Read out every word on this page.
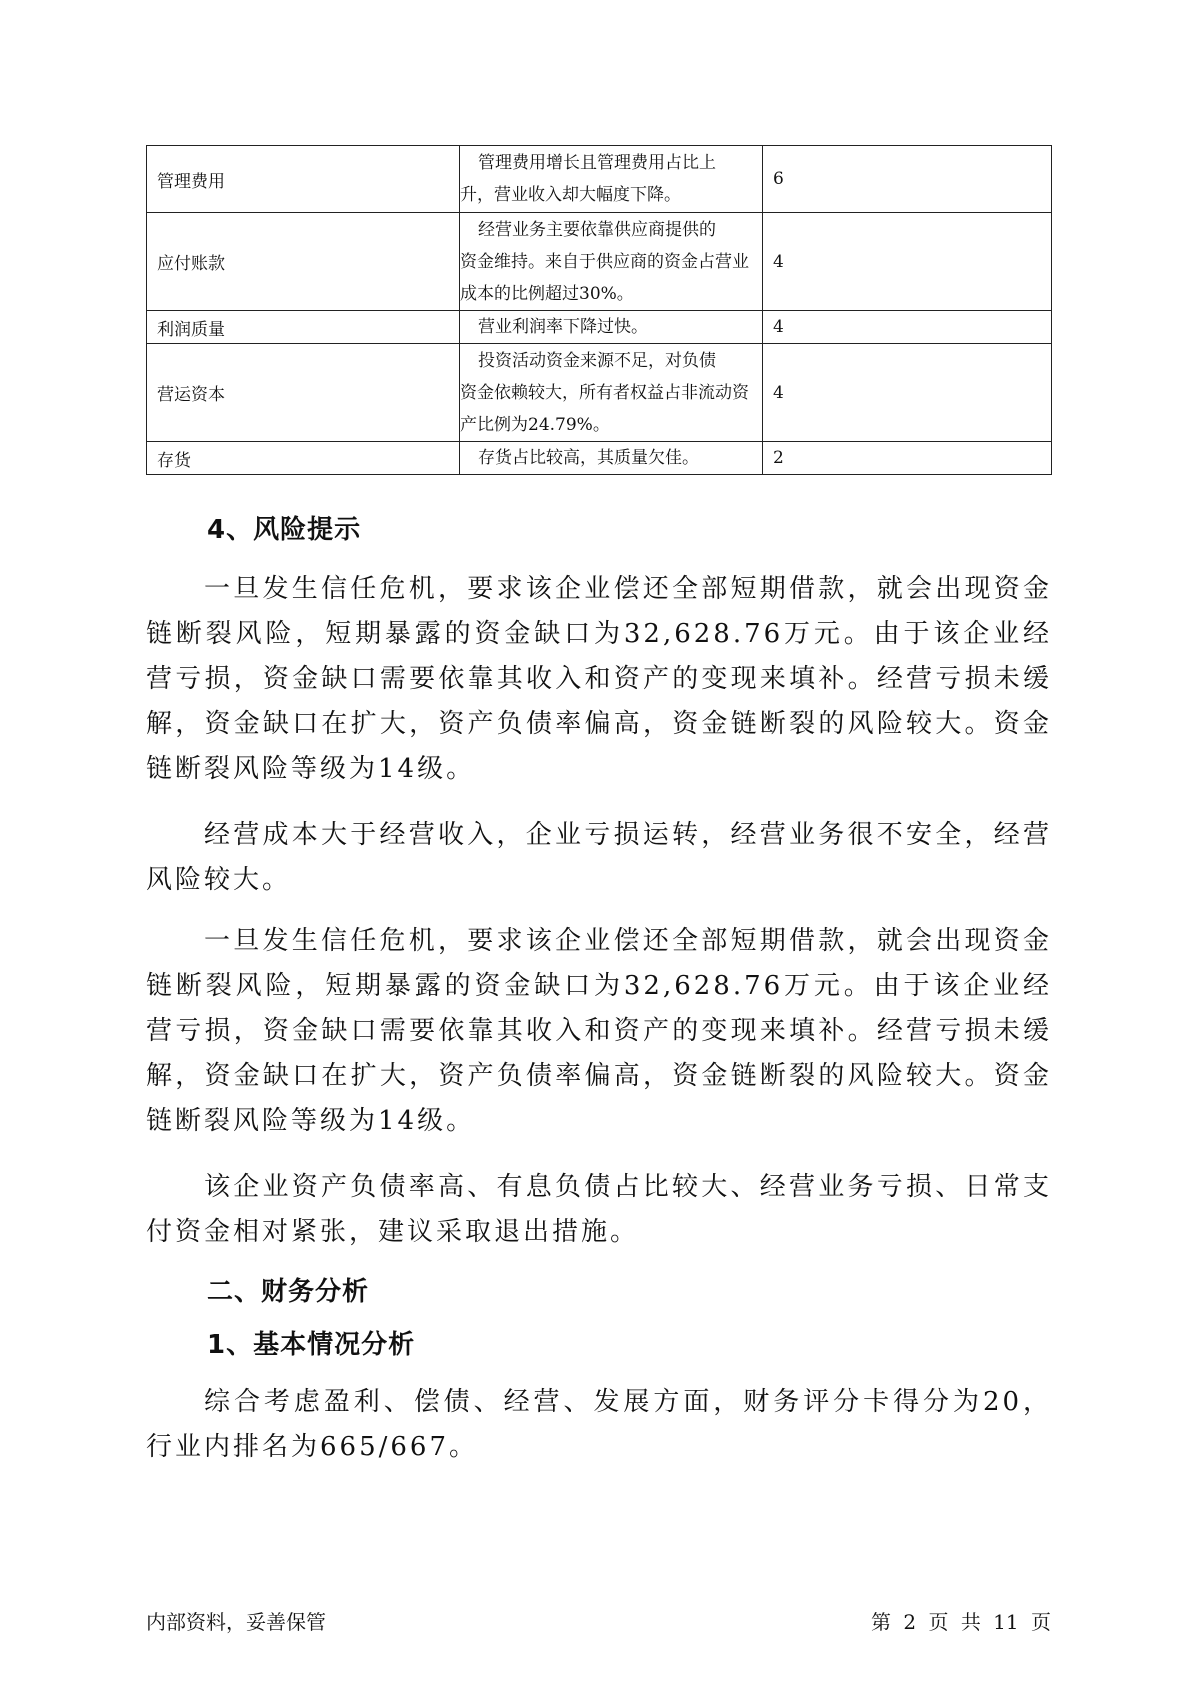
管理费用	管理费用增长且管理费用占比上
升，营业收入却大幅度下降。	6
应付账款	经营业务主要依靠供应商提供的
资金维持。来自于供应商的资金占营业成本的比例超过30%。	4
利润质量	营业利润率下降过快。	4
营运资本	投资活动资金来源不足，对负债
资金依赖较大，所有者权益占非流动资产比例为24.79%。	4
存货	存货占比较高，其质量欠佳。	2
4、风险提示

一旦发生信任危机，要求该企业偿还全部短期借款，就会出现资金链断裂风险，短期暴露的资金缺口为32,628.76万元。由于该企业经营亏损，资金缺口需要依靠其收入和资产的变现来填补。经营亏损未缓解，资金缺口在扩大，资产负债率偏高，资金链断裂的风险较大。资金链断裂风险等级为14级。

经营成本大于经营收入，企业亏损运转，经营业务很不安全，经营风险较大。

一旦发生信任危机，要求该企业偿还全部短期借款，就会出现资金链断裂风险，短期暴露的资金缺口为32,628.76万元。由于该企业经营亏损，资金缺口需要依靠其收入和资产的变现来填补。经营亏损未缓解，资金缺口在扩大，资产负债率偏高，资金链断裂的风险较大。资金链断裂风险等级为14级。

该企业资产负债率高、有息负债占比较大、经营业务亏损、日常支付资金相对紧张，建议采取退出措施。

二、财务分析
1、基本情况分析

综合考虑盈利、偿债、经营、发展方面，财务评分卡得分为20，行业内排名为665/667。

内部资料，妥善保管	第 2 页 共 11 页
